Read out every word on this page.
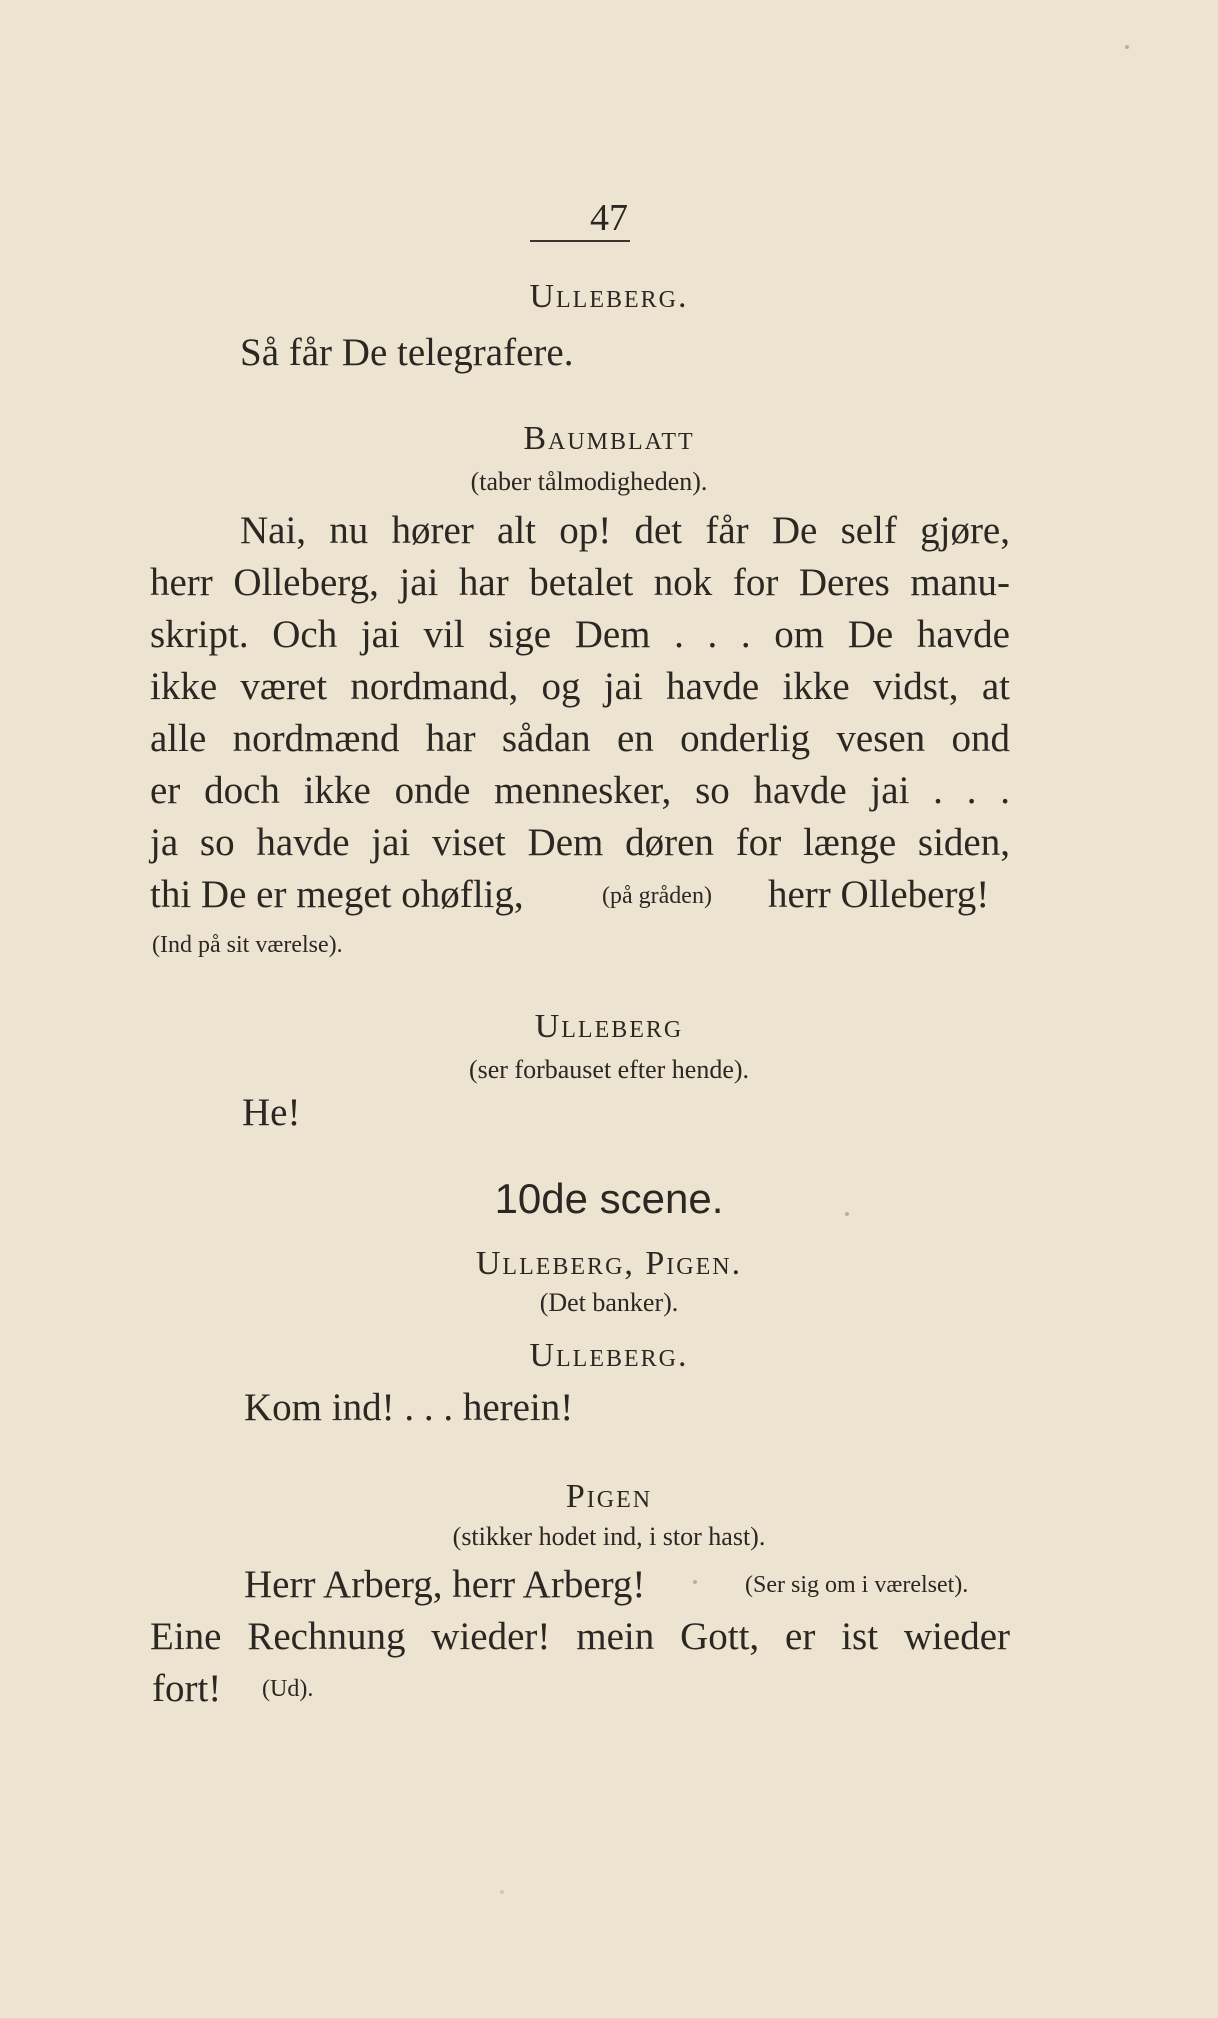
47
Ulleberg.
Så får De telegrafere.
Baumblatt
(taber tålmodigheden).
Nai, nu hører alt op! det får De self gjøre,
herr Olleberg, jai har betalet nok for Deres manu-
skript. Och jai vil sige Dem . . . om De havde
ikke været nordmand, og jai havde ikke vidst, at
alle nordmænd har sådan en onderlig vesen ond
er doch ikke onde mennesker, so havde jai . . .
ja so havde jai viset Dem døren for længe siden,
thi De er meget ohøflig,	(på gråden) herr Olleberg!
(Ind på sit værelse).
Ulleberg
(ser forbauset efter hende).
He!
10de scene.
Ulleberg, Pigen.
(Det banker).
Ulleberg.
Kom ind! . . . herein!
Pigen
(stikker hodet ind, i stor hast).
Herr Arberg, herr Arberg!	(Ser sig om i værelset).
Eine Rechnung wieder! mein Gott, er ist wieder
fort! (Ud).
